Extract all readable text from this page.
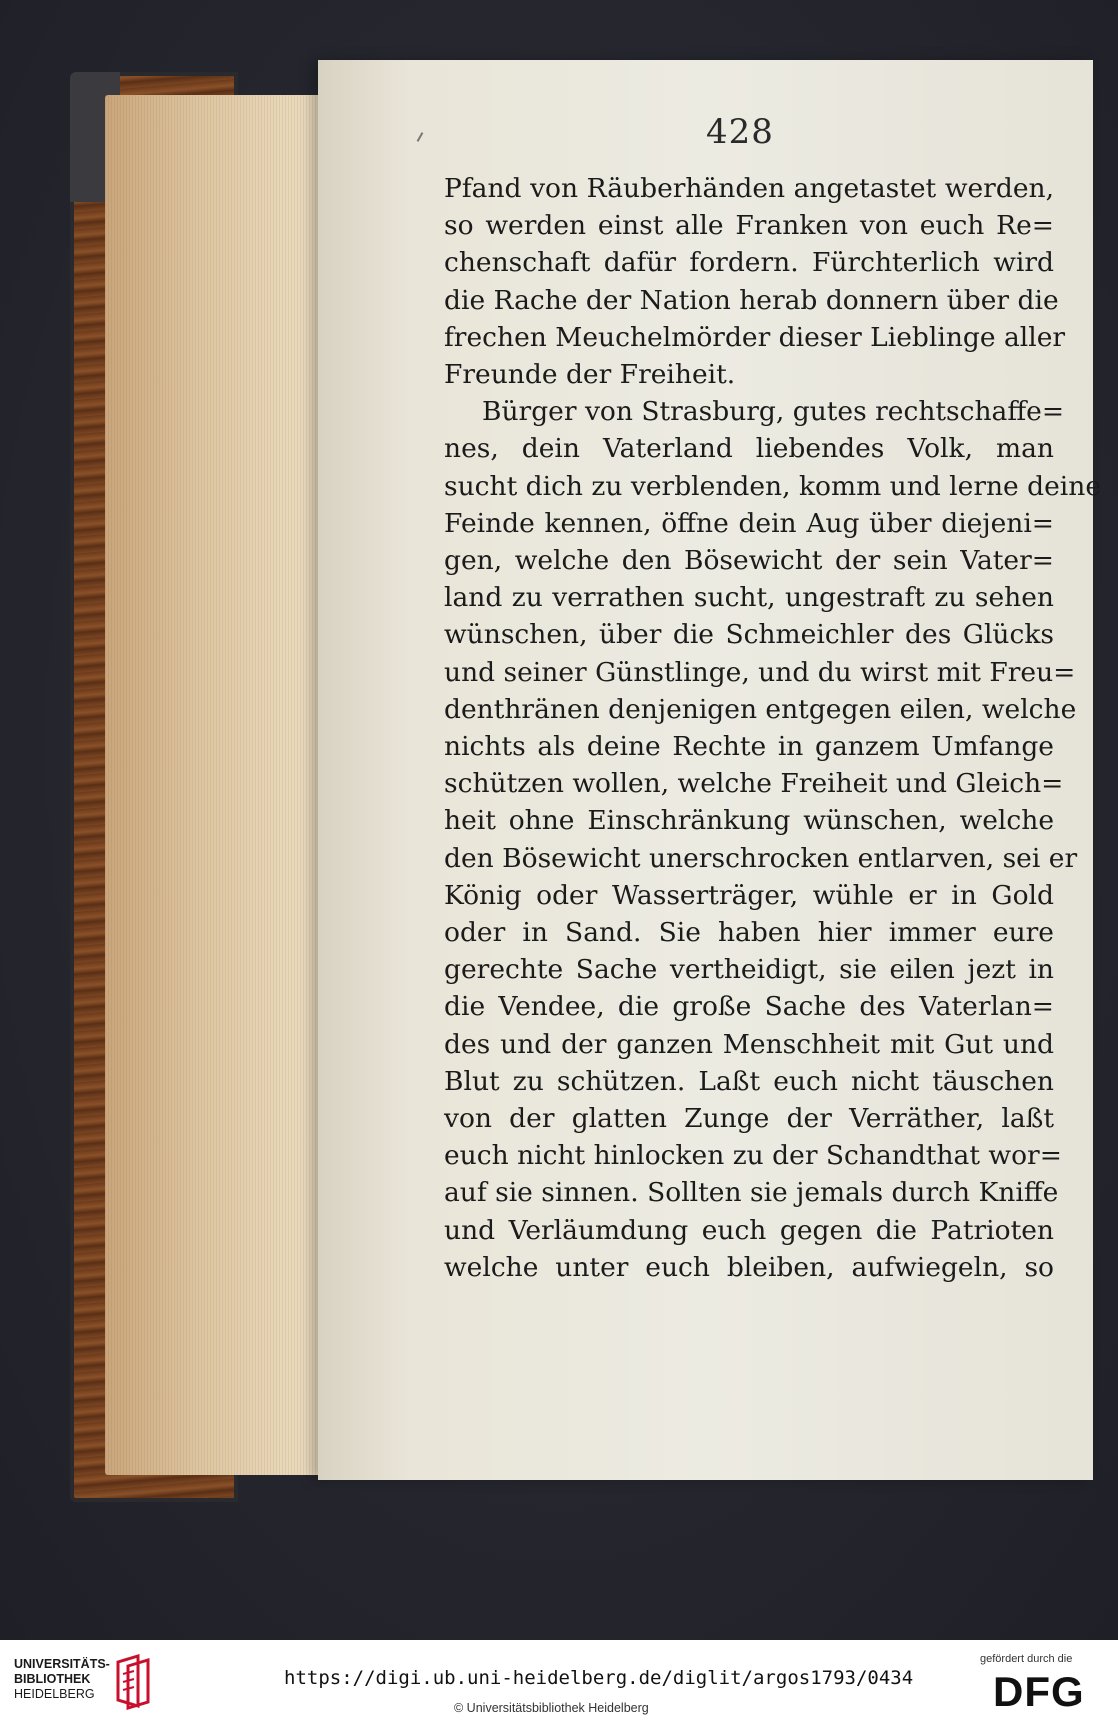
428
Pfand von Räuberhänden angetastet werden,
so werden einst alle Franken von euch Re=
chenschaft dafür fordern. Fürchterlich wird
die Rache der Nation herab donnern über die
frechen Meuchelmörder dieser Lieblinge aller
Freunde der Freiheit.
Bürger von Strasburg, gutes rechtschaffe=
nes, dein Vaterland liebendes Volk, man
sucht dich zu verblenden, komm und lerne deine
Feinde kennen, öffne dein Aug über diejeni=
gen, welche den Bösewicht der sein Vater=
land zu verrathen sucht, ungestraft zu sehen
wünschen, über die Schmeichler des Glücks
und seiner Günstlinge, und du wirst mit Freu=
denthränen denjenigen entgegen eilen, welche
nichts als deine Rechte in ganzem Umfange
schützen wollen, welche Freiheit und Gleich=
heit ohne Einschränkung wünschen, welche
den Bösewicht unerschrocken entlarven, sei er
König oder Wasserträger, wühle er in Gold
oder in Sand. Sie haben hier immer eure
gerechte Sache vertheidigt, sie eilen jezt in
die Vendee, die große Sache des Vaterlan=
des und der ganzen Menschheit mit Gut und
Blut zu schützen. Laßt euch nicht täuschen
von der glatten Zunge der Verräther, laßt
euch nicht hinlocken zu der Schandthat wor=
auf sie sinnen. Sollten sie jemals durch Kniffe
und Verläumdung euch gegen die Patrioten
welche unter euch bleiben, aufwiegeln, so
UNIVERSITÄTS-
BIBLIOTHEK
HEIDELBERG
https://digi.ub.uni-heidelberg.de/diglit/argos1793/0434
© Universitätsbibliothek Heidelberg
gefördert durch die
DFG
